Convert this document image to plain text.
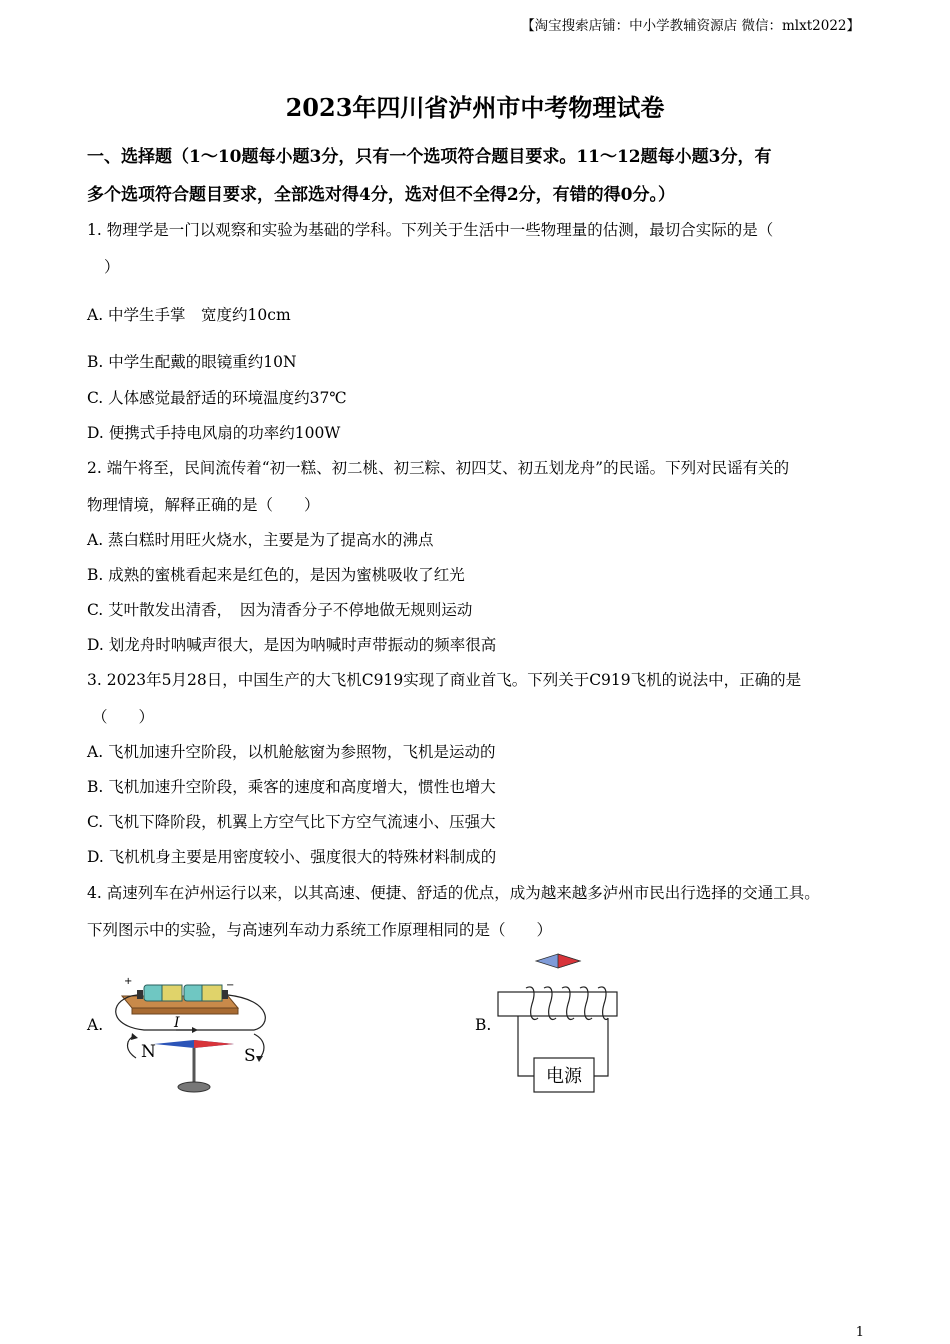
【淘宝搜索店铺：中小学教辅资源店 微信：mlxt2022】
2023年四川省泸州市中考物理试卷
一、选择题（1～10题每小题3分，只有一个选项符合题目要求。11～12题每小题3分，有
多个选项符合题目要求，全部选对得4分，选对但不全得2分，有错的得0分。）
1. 物理学是一门以观察和实验为基础的学科。下列关于生活中一些物理量的估测，最切合实际的是（
）
A. 中学生手掌　宽度约10cm
B. 中学生配戴的眼镜重约10N
C. 人体感觉最舒适的环境温度约37℃
D. 便携式手持电风扇的功率约100W
2. 端午将至，民间流传着“初一糕、初二桃、初三粽、初四艾、初五划龙舟”的民谣。下列对民谣有关的
物理情境，解释正确的是（　　）
A. 蒸白糕时用旺火烧水，主要是为了提高水的沸点
B. 成熟的蜜桃看起来是红色的，是因为蜜桃吸收了红光
C. 艾叶散发出清香，　因为清香分子不停地做无规则运动
D. 划龙舟时呐喊声很大，是因为呐喊时声带振动的频率很高
3. 2023年5月28日，中国生产的大飞机C919实现了商业首飞。下列关于C919飞机的说法中，正确的是
（　　）
A. 飞机加速升空阶段，以机舱舷窗为参照物，飞机是运动的
B. 飞机加速升空阶段，乘客的速度和高度增大，惯性也增大
C. 飞机下降阶段，机翼上方空气比下方空气流速小、压强大
D. 飞机机身主要是用密度较小、强度很大的特殊材料制成的
4. 高速列车在泸州运行以来，以其高速、便捷、舒适的优点，成为越来越多泸州市民出行选择的交通工具。
下列图示中的实验，与高速列车动力系统工作原理相同的是（　　）
A.
+	−
I
N	S
B.
电源
1
